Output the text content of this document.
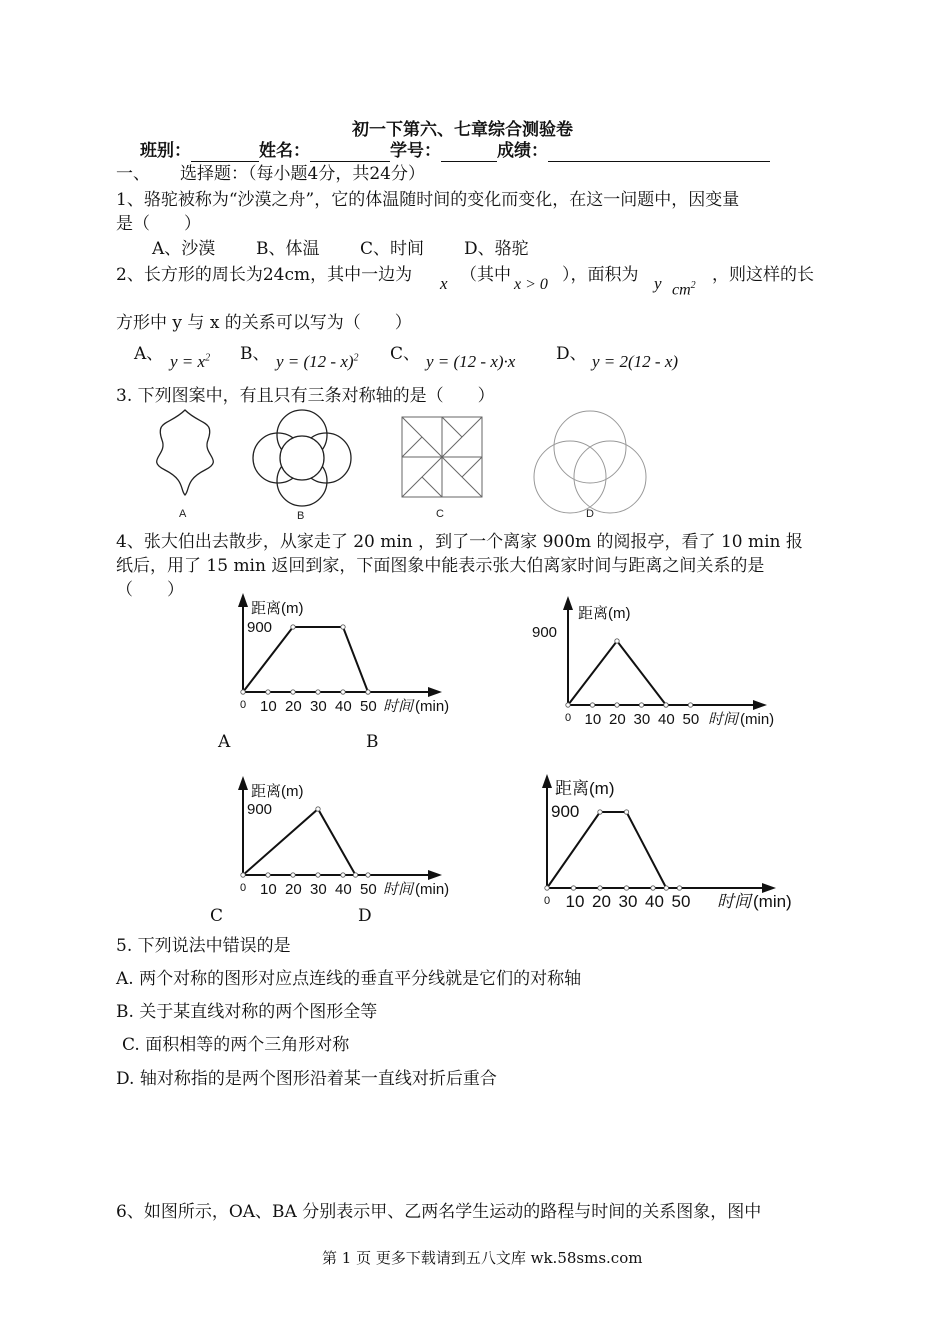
初一下第六、七章综合测验卷
班别：	姓名：	学号：	成绩：
一、 选择题：（每小题4分，共24分）
1、骆驼被称为“沙漠之舟”，它的体温随时间的变化而变化，在这一问题中，因变量
是（　　）
A、沙漠 B、体温 C、时间 D、骆驼
2、长方形的周长为24cm，其中一边为 x （其中 x > 0 ），面积为 y $cm^2$
，则这样的长
方形中 y 与 x 的关系可以写为（　　）
A、 $y = x^2$ B、 y = (12 - x)$^2$ C、 y = (12 - x)·x D、 y = 2(12 - x)
3. 下列图案中，有且只有三条对称轴的是（　　）
A	B	C	D
4、张大伯出去散步，从家走了 20 min ，到了一个离家 900m 的阅报亭，看了 10 min 报
纸后，用了 15 min 返回到家，下面图象中能表示张大伯离家时间与距离之间关系的是
（　　）
0 10 20 30 40 50
900
距离(m)
时间 (min)
0 10 20 30 40 50
900
距离(m)
时间 (min)
0 10 20 30 40 50
900
距离(m)
时间 (min)
0 10 20 30 40 50
900
距离(m)
时间 (min)
A	B
C	D
5. 下列说法中错误的是
A. 两个对称的图形对应点连线的垂直平分线就是它们的对称轴
B. 关于某直线对称的两个图形全等
C. 面积相等的两个三角形对称
D. 轴对称指的是两个图形沿着某一直线对折后重合
6、如图所示，OA、BA 分别表示甲、乙两名学生运动的路程与时间的关系图象，图中
第 1 页 更多下载请到五八文库 wk.58sms.com
